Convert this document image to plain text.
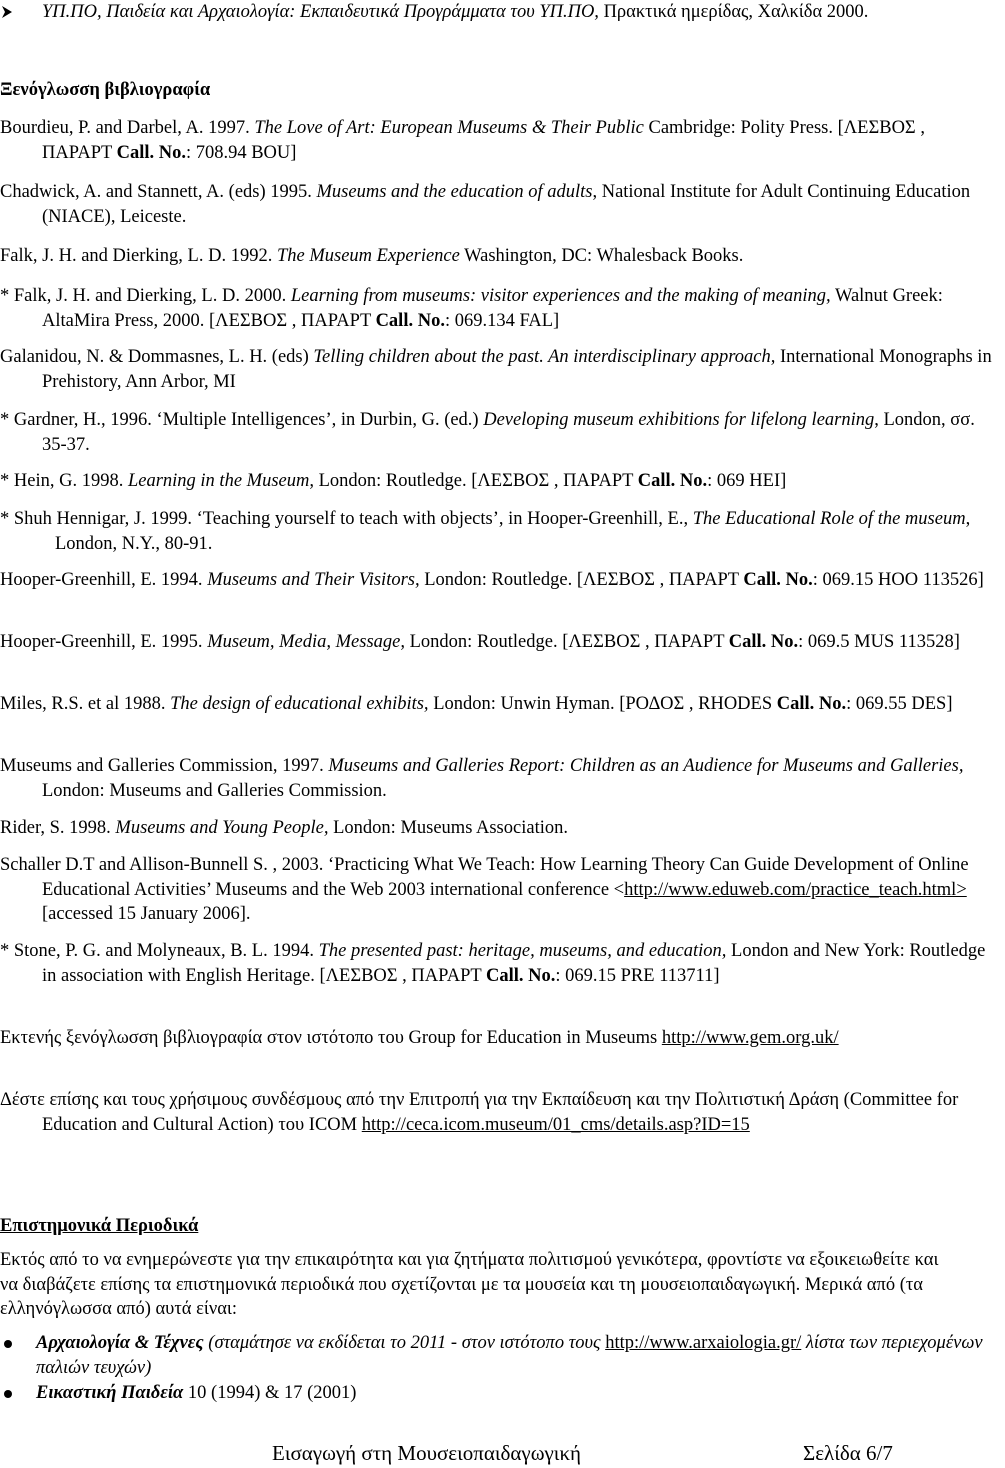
ΥΠ.ΠΟ, Παιδεία και Αρχαιολογία: Εκπαιδευτικά Προγράμματα του ΥΠ.ΠΟ, Πρακτικά ημερίδας, Χαλκίδα 2000.
Ξενόγλωσση βιβλιογραφία
Bourdieu, P. and Darbel, A. 1997. The Love of Art: European Museums & Their Public Cambridge: Polity Press. [ΛΕΣΒΟΣ , ΠΑΡΑΡΤ Call. No.: 708.94 BOU]
Chadwick, A. and Stannett, A. (eds) 1995. Museums and the education of adults, National Institute for Adult Continuing Education (NIACE), Leiceste.
Falk, J. H. and Dierking, L. D. 1992. The Museum Experience Washington, DC: Whalesback Books.
* Falk, J. H. and Dierking, L. D. 2000. Learning from museums: visitor experiences and the making of meaning, Walnut Greek: AltaMira Press, 2000. [ΛΕΣΒΟΣ , ΠΑΡΑΡΤ Call. No.: 069.134 FAL]
Galanidou, N. & Dommasnes, L. H. (eds) Telling children about the past. An interdisciplinary approach, International Monographs in Prehistory, Ann Arbor, MI
* Gardner, H., 1996. ‘Multiple Intelligences’, in Durbin, G. (ed.) Developing museum exhibitions for lifelong learning, London, σσ. 35-37.
* Hein, G. 1998. Learning in the Museum, London: Routledge. [ΛΕΣΒΟΣ , ΠΑΡΑΡΤ Call. No.: 069 HEI]
* Shuh Hennigar, J. 1999. ‘Teaching yourself to teach with objects’, in Hooper-Greenhill, E., The Educational Role of the museum, London, N.Y., 80-91.
Hooper-Greenhill, E. 1994. Museums and Their Visitors, London: Routledge. [ΛΕΣΒΟΣ , ΠΑΡΑΡΤ Call. No.: 069.15 HOO 113526]
Hooper-Greenhill, E. 1995. Museum, Media, Message, London: Routledge. [ΛΕΣΒΟΣ , ΠΑΡΑΡΤ Call. No.: 069.5 MUS 113528]
Miles, R.S. et al 1988. The design of educational exhibits, London: Unwin Hyman. [ΡΟΔΟΣ , RHODES Call. No.: 069.55 DES]
Museums and Galleries Commission, 1997. Museums and Galleries Report: Children as an Audience for Museums and Galleries, London: Museums and Galleries Commission.
Rider, S. 1998. Museums and Young People, London: Museums Association.
Schaller D.T and Allison-Bunnell S. , 2003. ‘Practicing What We Teach: How Learning Theory Can Guide Development of Online Educational Activities’ Museums and the Web 2003 international conference <http://www.eduweb.com/practice_teach.html> [accessed 15 January 2006].
* Stone, P. G. and Molyneaux, B. L. 1994. The presented past: heritage, museums, and education, London and New York: Routledge in association with English Heritage. [ΛΕΣΒΟΣ , ΠΑΡΑΡΤ Call. No.: 069.15 PRE 113711]
Εκτενής ξενόγλωσση βιβλιογραφία στον ιστότοπο του Group for Education in Museums http://www.gem.org.uk/
Δέστε επίσης και τους χρήσιμους συνδέσμους από την Επιτροπή για την Εκπαίδευση και την Πολιτιστική Δράση (Committee for Education and Cultural Action) του ICOM http://ceca.icom.museum/01_cms/details.asp?ID=15
Επιστημονικά Περιοδικά
Εκτός από το να ενημερώνεστε για την επικαιρότητα και για ζητήματα πολιτισμού γενικότερα, φροντίστε να εξοικειωθείτε και να διαβάζετε επίσης τα επιστημονικά περιοδικά που σχετίζονται με τα μουσεία και τη μουσειοπαιδαγωγική. Μερικά από (τα ελληνόγλωσσα από) αυτά είναι:
Αρχαιολογία & Τέχνες (σταμάτησε να εκδίδεται το 2011 - στον ιστότοπο τους http://www.arxaiologia.gr/ λίστα των περιεχομένων παλιών τευχών)
Εικαστική Παιδεία 10 (1994) & 17 (2001)
Εισαγωγή στη Μουσειοπαιδαγωγική	Σελίδα 6/7
